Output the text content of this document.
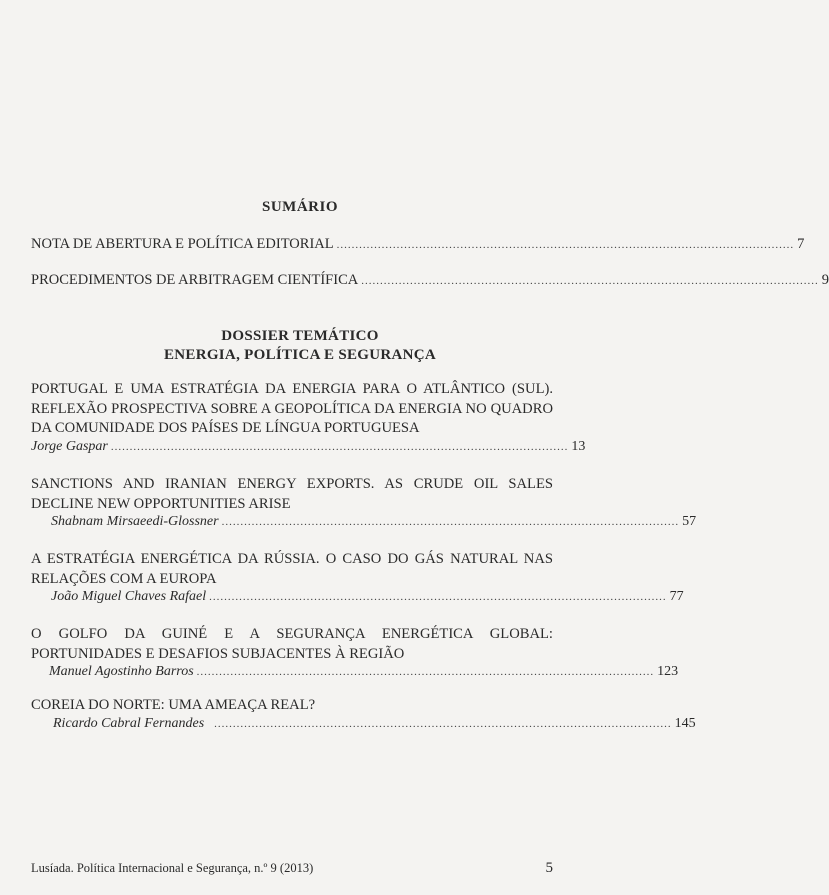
SUMÁRIO
NOTA DE ABERTURA E POLÍTICA EDITORIAL .......................................................................................................................... 7
PROCEDIMENTOS DE ARBITRAGEM CIENTÍFICA .......................................................................................................................... 9
DOSSIER TEMÁTICO
ENERGIA, POLÍTICA E SEGURANÇA

PORTUGAL E UMA ESTRATÉGIA DA ENERGIA PARA O ATLÂNTICO (SUL). REFLEXÃO PROSPECTIVA SOBRE A GEOPOLÍTICA DA ENERGIA NO QUADRO DA COMUNIDADE DOS PAÍSES DE LÍNGUA PORTUGUESA

Jorge Gaspar .......................................................................................................................... 13

SANCTIONS AND IRANIAN ENERGY EXPORTS. AS CRUDE OIL SALES DECLINE NEW OPPORTUNITIES ARISE

Shabnam Mirsaeedi-Glossner .......................................................................................................................... 57

A ESTRATÉGIA ENERGÉTICA DA RÚSSIA. O CASO DO GÁS NATURAL NAS RELAÇÕES COM A EUROPA

João Miguel Chaves Rafael .......................................................................................................................... 77

O GOLFO DA GUINÉ E A SEGURANÇA ENERGÉTICA GLOBAL: PORTUNIDADES E DESAFIOS SUBJACENTES À REGIÃO

Manuel Agostinho Barros .......................................................................................................................... 123

COREIA DO NORTE: UMA AMEAÇA REAL?

Ricardo Cabral Fernandes .......................................................................................................................... 145
Lusíada. Política Internacional e Segurança, n.º 9 (2013)	5
